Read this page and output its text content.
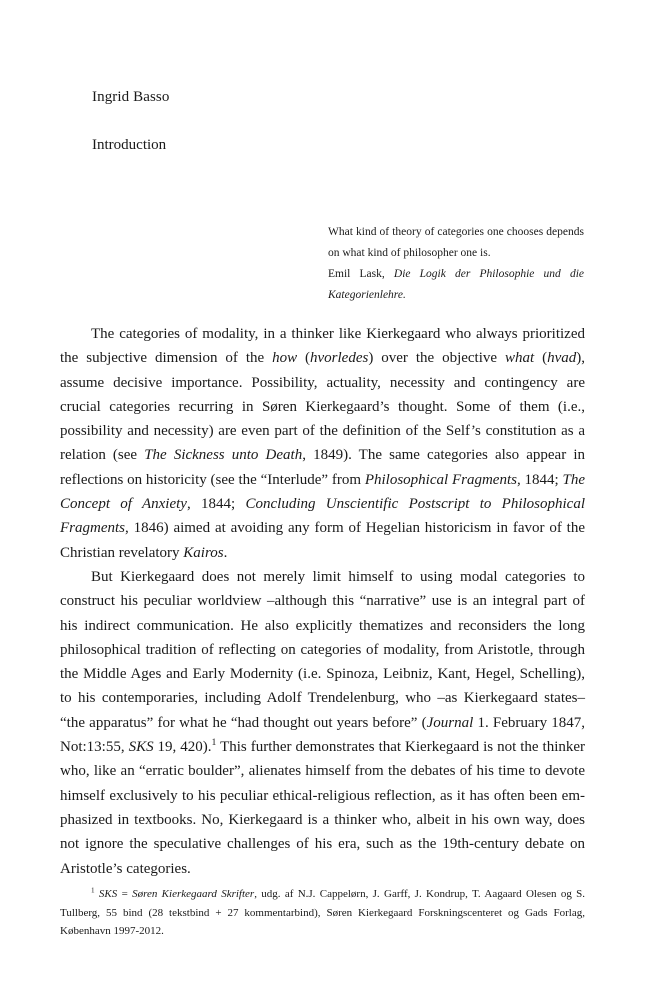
Ingrid Basso
Introduction
What kind of theory of categories one chooses depends on what kind of philosopher one is.
Emil Lask, Die Logik der Philosophie und die Kategorienlehre.

The categories of modality, in a thinker like Kierkegaard who always prioritized the subjective dimension of the how (hvorledes) over the objective what (hvad), assume decisive importance. Possibility, actuality, necessity and contingency are crucial categories recurring in Søren Kierkegaard’s thought. Some of them (i.e., possibility and necessity) are even part of the definition of the Self’s constitution as a relation (see The Sickness unto Death, 1849). The same categories also appear in reflections on historicity (see the “Interlude” from Philosophical Fragments, 1844; The Concept of Anxiety, 1844; Concluding Unscientific Postscript to Philosophical Fragments, 1846) aimed at avoiding any form of Hegelian historicism in favor of the Christian revelatory Kairos.

But Kierkegaard does not merely limit himself to using modal categories to construct his peculiar worldview –although this “narrative” use is an integral part of his indirect communication. He also explicitly thematizes and reconsiders the long philosophical tradition of reflecting on categories of modality, from Aristotle, through the Middle Ages and Early Modernity (i.e. Spinoza, Leibniz, Kant, Hegel, Schelling), to his contemporaries, including Adolf Trendelenburg, who –as Kierkegaard states– “the apparatus” for what he “had thought out years before” (Journal 1. February 1847, Not:13:55, SKS 19, 420).$^1$ This further demonstrates that Kierkegaard is not the thinker who, like an “erratic boulder”, alienates himself from the debates of his time to devote himself exclusively to his peculiar ethical-religious reflection, as it has often been emphasized in textbooks. No, Kierkegaard is a thinker who, albeit in his own way, does not ignore the speculative challenges of his era, such as the 19th-century debate on Aristotle’s categories.

$^1$ SKS = Søren Kierkegaard Skrifter, udg. af N.J. Cappelørn, J. Garff, J. Kondrup, T. Aagaard Olesen og S. Tullberg, 55 bind (28 tekstbind + 27 kommentarbind), Søren Kierkegaard Forskningscenteret og Gads Forlag, København 1997-2012.
